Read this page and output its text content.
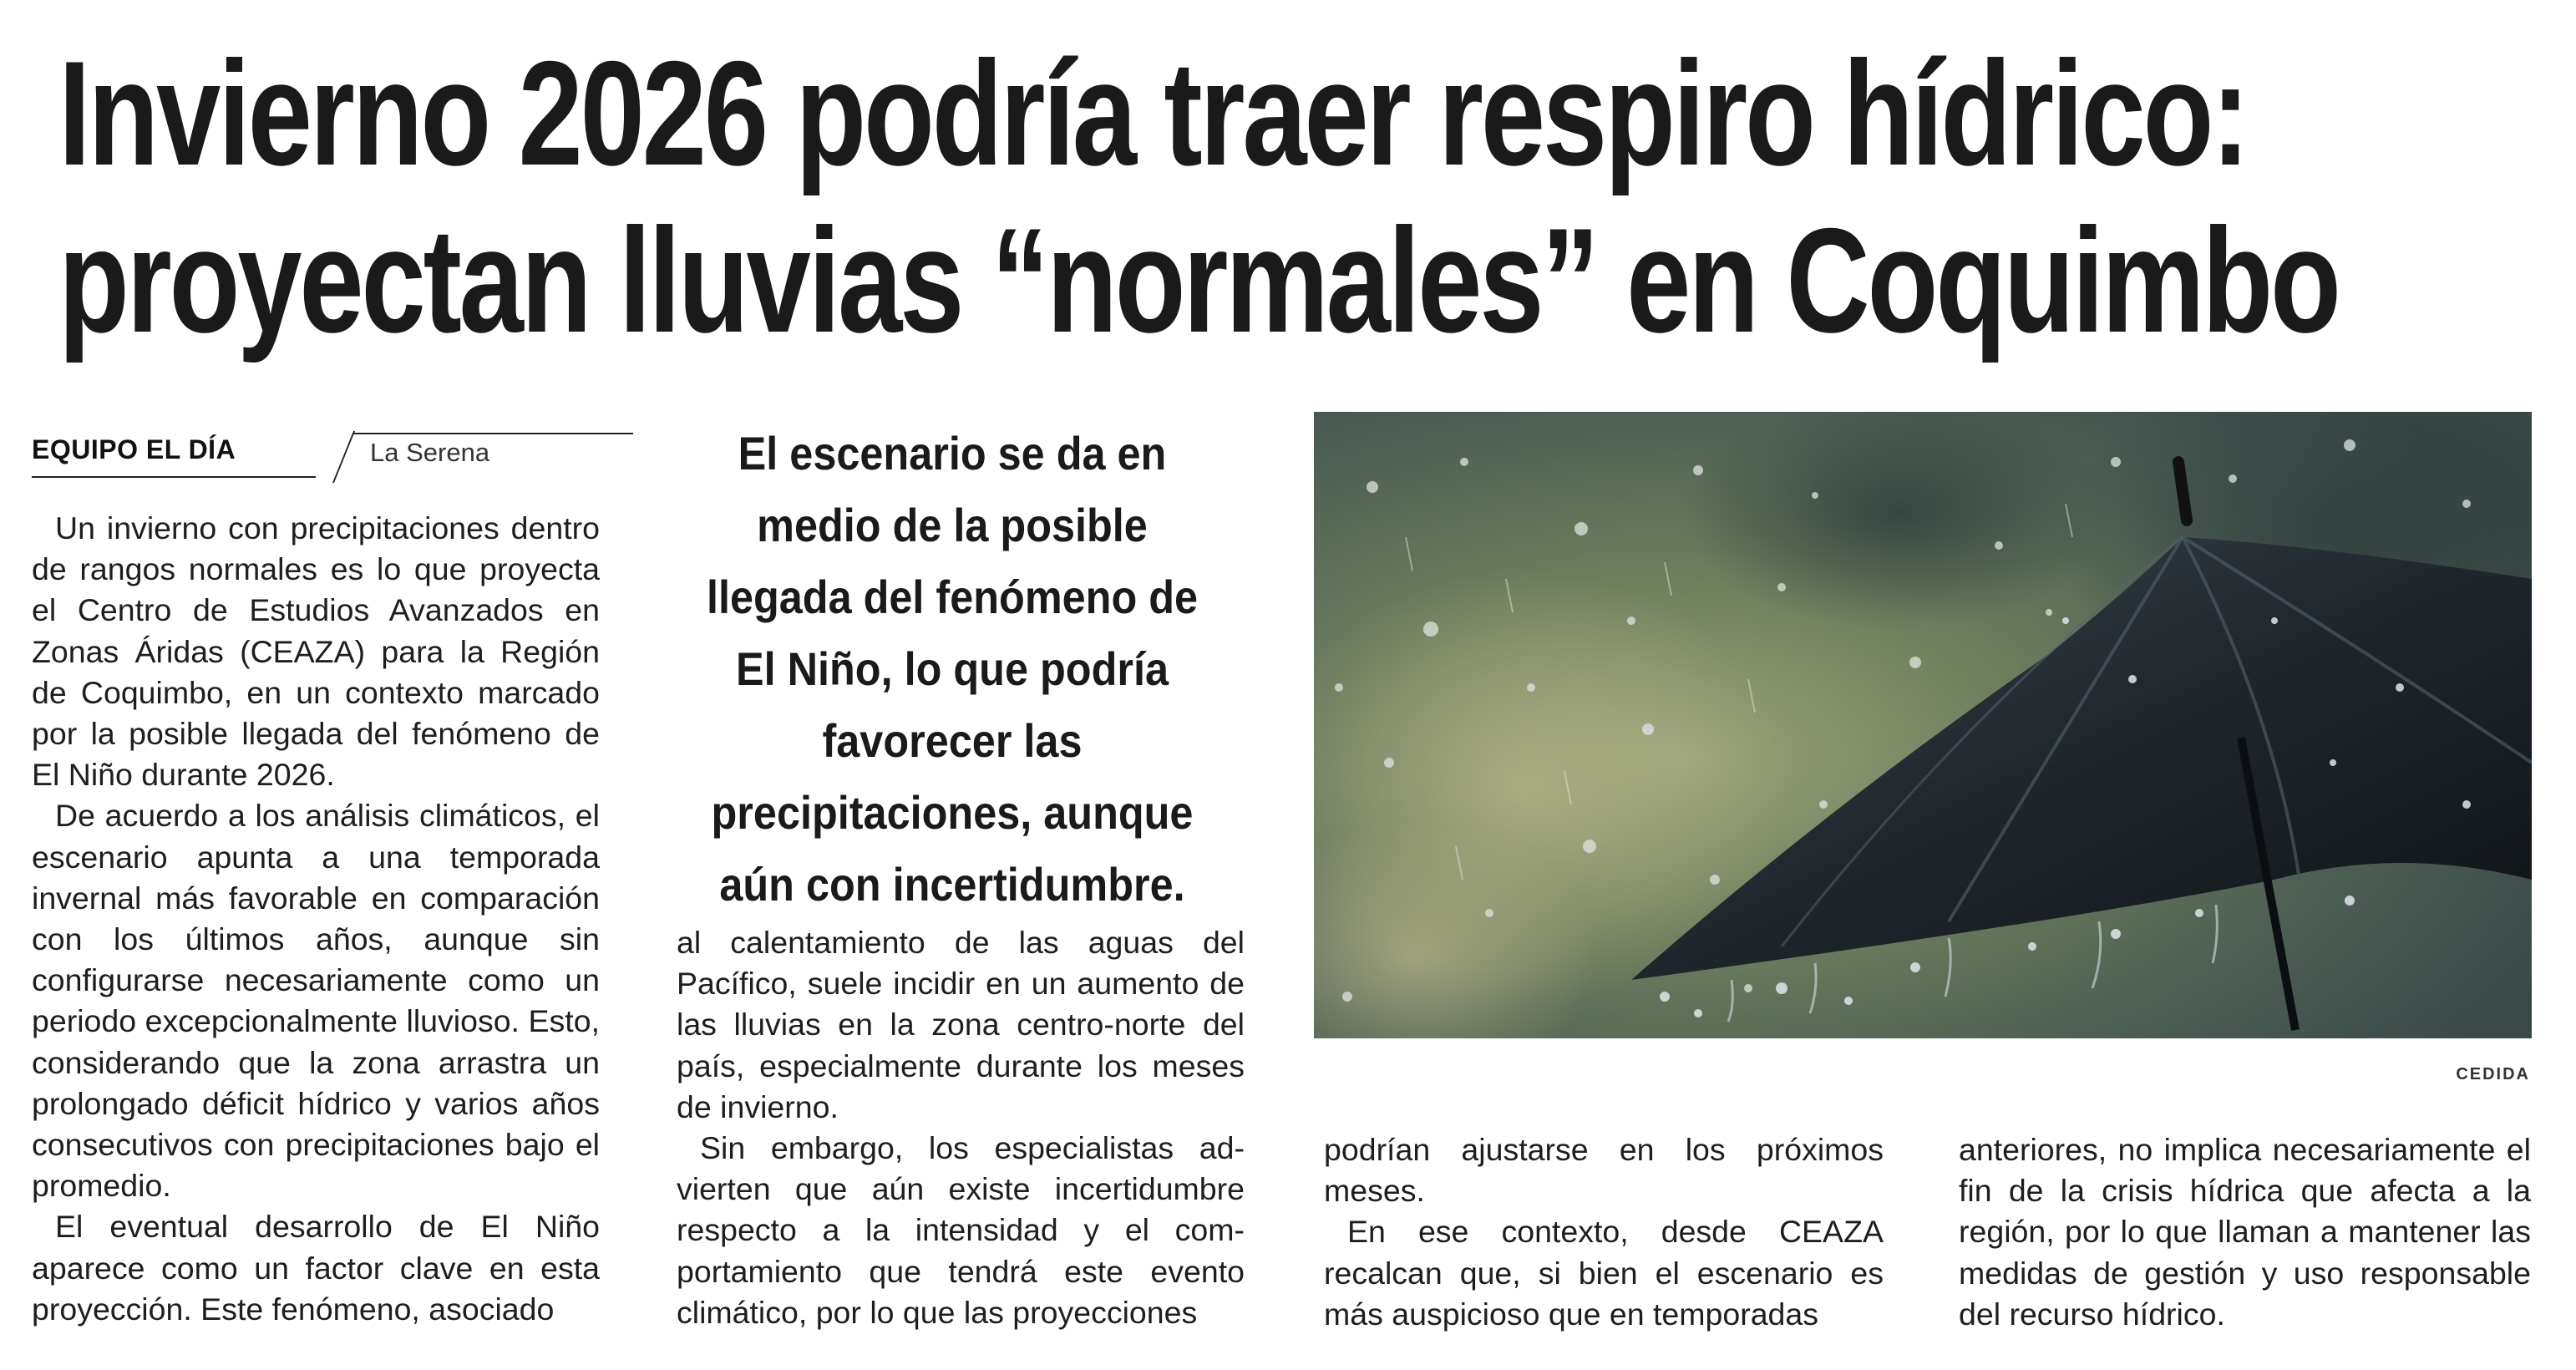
Invierno 2026 podría traer respiro hídrico:
proyectan lluvias “normales” en Coquimbo
EQUIPO EL DÍA	La Serena

Un invierno con precipitaciones dentro de rangos normales es lo que proyecta el Centro de Estudios Avanzados en Zonas Áridas (CEAZA) para la Región de Coquimbo, en un contexto marcado por la posible llegada del fenómeno de El Niño durante 2026.

De acuerdo a los análisis climáticos, el escenario apunta a una temporada invernal más favorable en comparación con los últimos años, aunque sin configurarse necesariamente como un periodo excepcionalmente lluvioso. Esto, considerando que la zona arrastra un prolongado déficit hídrico y varios años consecutivos con precipitaciones bajo el promedio.

El eventual desarrollo de El Niño aparece como un factor clave en esta proyección. Este fenómeno, asociado

El escenario se da en medio de la posible llegada del fenómeno de El Niño, lo que podría favorecer las precipitaciones, aunque aún con incertidumbre.

al calentamiento de las aguas del Pacífico, suele incidir en un aumento de las lluvias en la zona centro-norte del país, especialmente durante los meses de invierno.

Sin embargo, los especialistas advierten que aún existe incertidumbre respecto a la intensidad y el comportamiento que tendrá este evento climático, por lo que las proyecciones

CEDIDA

podrían ajustarse en los próximos meses.

En ese contexto, desde CEAZA recalcan que, si bien el escenario es más auspicioso que en temporadas

anteriores, no implica necesariamente el fin de la crisis hídrica que afecta a la región, por lo que llaman a mantener las medidas de gestión y uso responsable del recurso hídrico.
